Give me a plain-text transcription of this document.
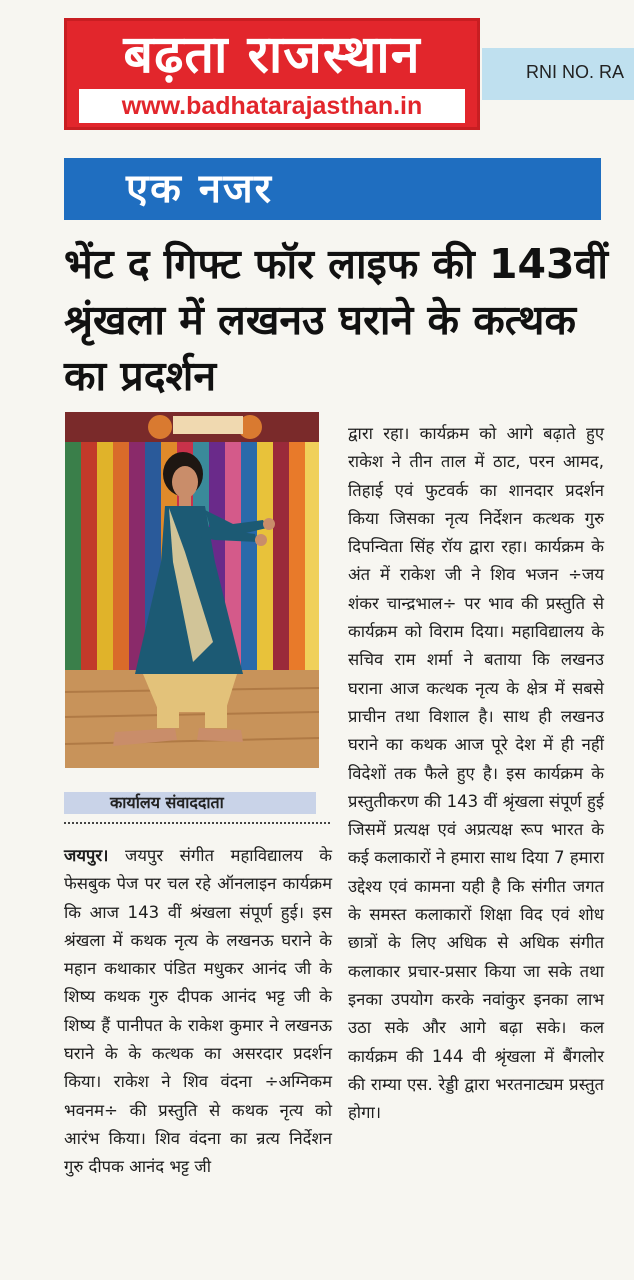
बढ़ता राजस्थान
www.badhatarajasthan.in
RNI NO. RA
एक नजर
भेंट द गिफ्ट फॉर लाइफ की 143वीं श्रृंखला में लखनउ घराने के कत्थक का प्रदर्शन
कार्यालय संवाददाता

जयपुर। जयपुर संगीत महाविद्यालय के फेसबुक पेज पर चल रहे ऑनलाइन कार्यक्रम कि आज 143 वीं श्रंखला संपूर्ण हुई। इस श्रंखला में कथक नृत्य के लखनऊ घराने के महान कथाकार पंडित मधुकर आनंद जी के शिष्य कथक गुरु दीपक आनंद भट्ट जी के शिष्य हैं पानीपत के राकेश कुमार ने लखनऊ घराने के के कत्थक का असरदार प्रदर्शन किया। राकेश ने शिव वंदना ÷अग्निकम भवनम÷ की प्रस्तुति से कथक नृत्य को आरंभ किया। शिव वंदना का न्रत्य निर्देशन गुरु दीपक आनंद भट्ट जी

द्वारा रहा। कार्यक्रम को आगे बढ़ाते हुए राकेश ने तीन ताल में ठाट, परन आमद, तिहाई एवं फुटवर्क का शानदार प्रदर्शन किया जिसका नृत्य निर्देशन कत्थक गुरु दिपन्विता सिंह रॉय द्वारा रहा। कार्यक्रम के अंत में राकेश जी ने शिव भजन ÷जय शंकर चान्द्रभाल÷ पर भाव की प्रस्तुति से कार्यक्रम को विराम दिया। महाविद्यालय के सचिव राम शर्मा ने बताया कि लखनउ घराना आज कत्थक नृत्य के क्षेत्र में सबसे प्राचीन तथा विशाल है। साथ ही लखनउ घराने का कथक आज पूरे देश में ही नहीं विदेशों तक फैले हुए है। इस कार्यक्रम के प्रस्तुतीकरण की 143 वीं श्रृंखला संपूर्ण हुई जिसमें प्रत्यक्ष एवं अप्रत्यक्ष रूप भारत के कई कलाकारों ने हमारा साथ दिया 7 हमारा उद्देश्य एवं कामना यही है कि संगीत जगत के समस्त कलाकारों शिक्षा विद एवं शोध छात्रों के लिए अधिक से अधिक संगीत कलाकार प्रचार-प्रसार किया जा सके तथा इनका उपयोग करके नवांकुर इनका लाभ उठा सके और आगे बढ़ा सके। कल कार्यक्रम की 144 वी श्रृंखला में बैंगलोर की राम्या एस. रेड्डी द्वारा भरतनाट्यम प्रस्तुत होगा।
